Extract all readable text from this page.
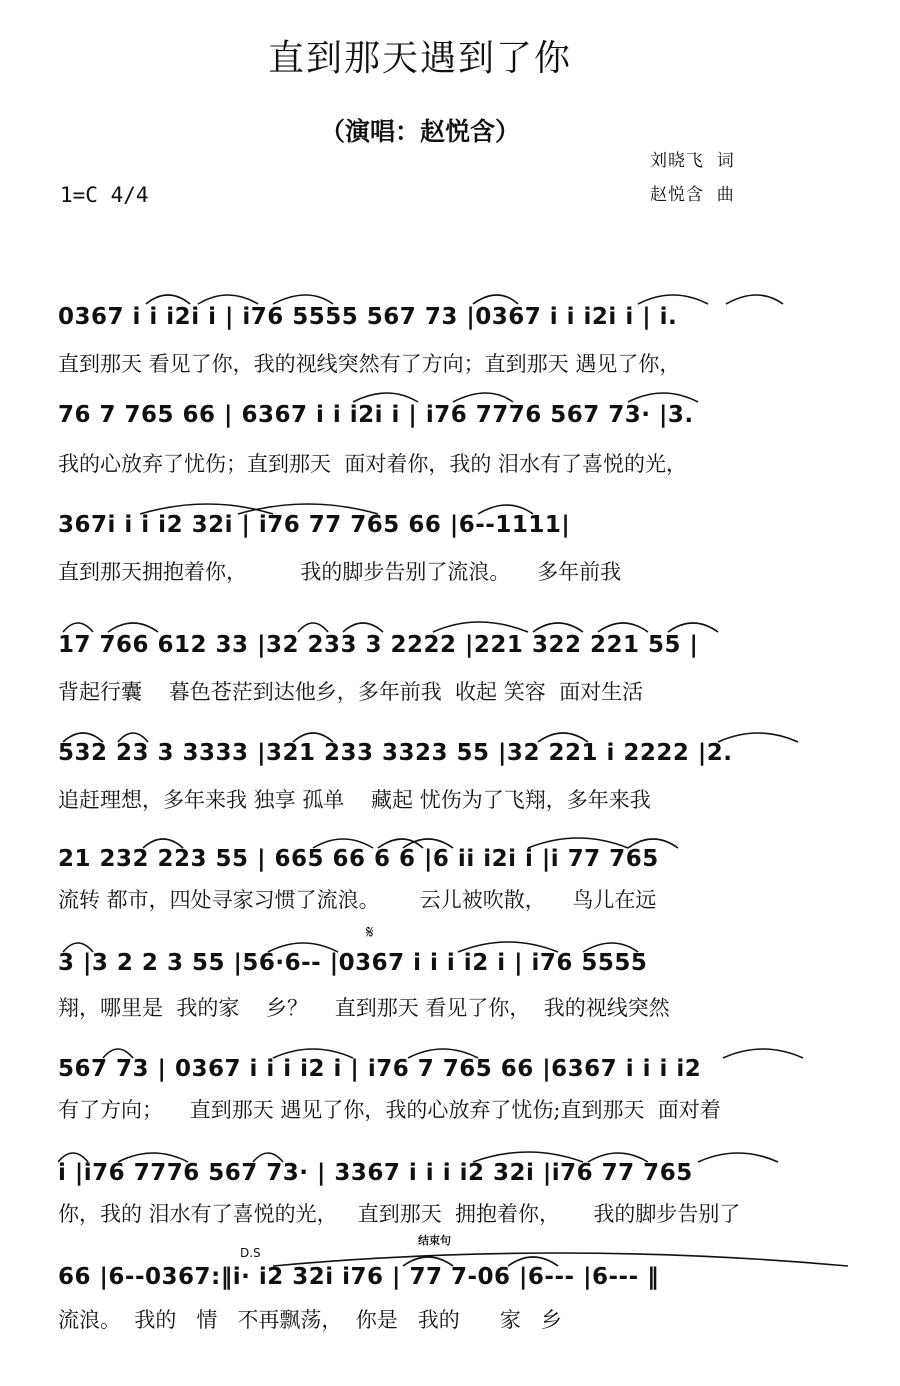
直到那天遇到了你
（演唱：赵悦含）
刘晓飞  词
赵悦含  曲
1=C 4/4
𝄋
D.S
结束句
0367 i i i2i i | i76 5555 567 73 |0367 i i i2i i | i.
直到那天 看见了你，我的视线突然有了方向；直到那天 遇见了你，
76 7 765 66 | 6367 i i i2i i | i76 7776 567 73· |3.
我的心放弃了忧伤；直到那天  面对着你，我的 泪水有了喜悦的光，
367i i i i2 32i | i76 77 765 66 |6--1111|
直到那天拥抱着你，        我的脚步告别了流浪。    多年前我
17 766 612 33 |32 233 3 2222 |221 322 221 55 |
背起行囊    暮色苍茫到达他乡，多年前我  收起 笑容  面对生活
532 23 3 3333 |321 233 3323 55 |32 221 i 2222 |2.
追赶理想，多年来我 独享 孤单    藏起 忧伤为了飞翔，多年来我
21 232 223 55 | 665 66 6 6 |6 ii i2i i |i 77 765
流转 都市，四处寻家习惯了流浪。      云儿被吹散，    鸟儿在远
3 |3 2 2 3 55 |56·6-- |0367 i i i i2 i | i76 5555
翔，哪里是  我的家    乡？    直到那天 看见了你，  我的视线突然
567 73 | 0367 i i i i2 i | i76 7 765 66 |6367 i i i i2
有了方向；    直到那天 遇见了你，我的心放弃了忧伤;直到那天  面对着
i |i76 7776 567 73· | 3367 i i i i2 32i |i76 77 765
你，我的 泪水有了喜悦的光，   直到那天  拥抱着你，     我的脚步告别了
66 |6--0367:‖i· i2 32i i76 | 77 7-06 |6--- |6--- ‖
流浪。  我的   情   不再飘荡，  你是   我的      家   乡
